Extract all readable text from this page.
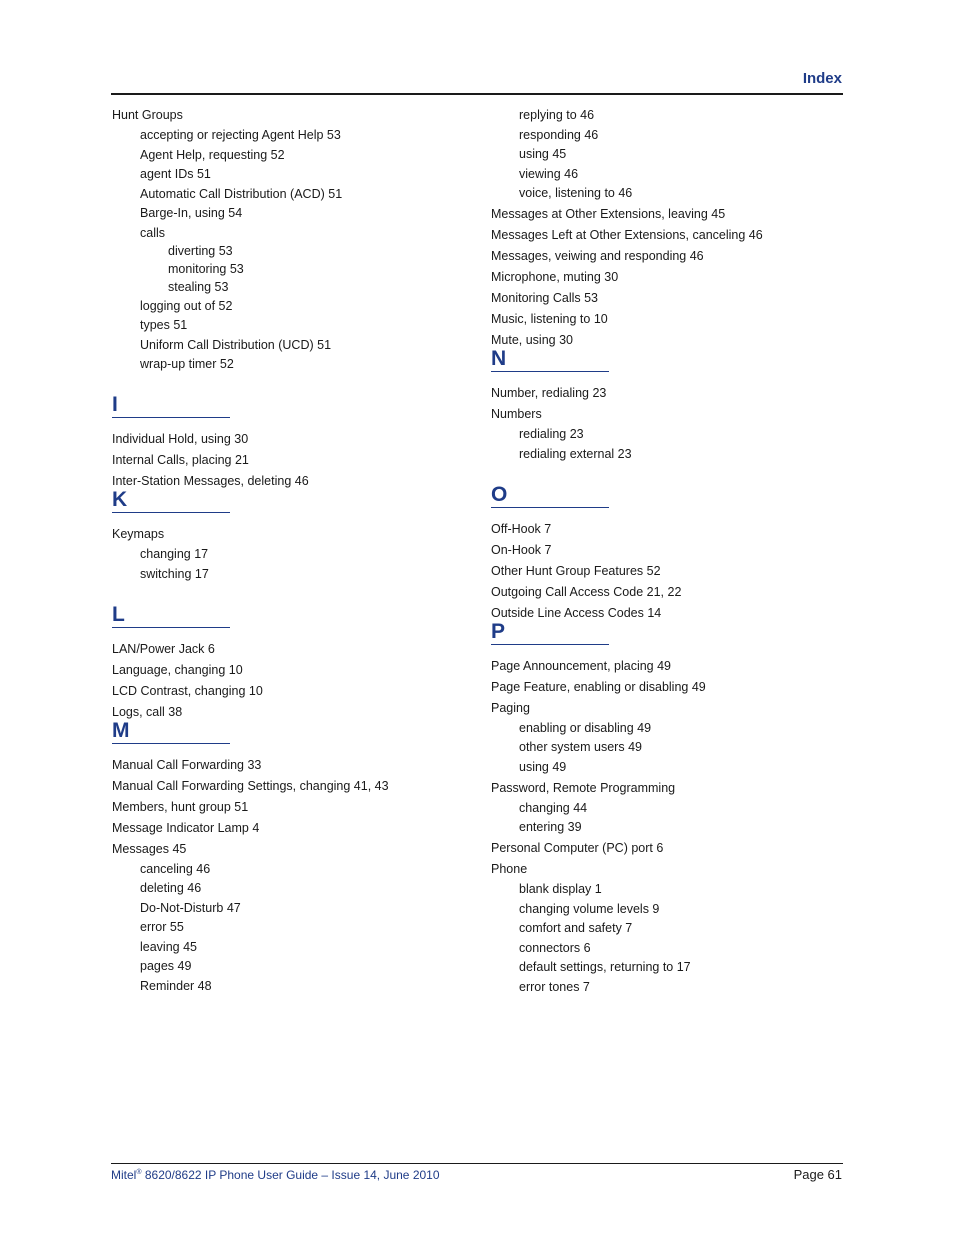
Index
Hunt Groups
accepting or rejecting Agent Help 53
Agent Help, requesting 52
agent IDs 51
Automatic Call Distribution (ACD) 51
Barge-In, using 54
calls
diverting 53
monitoring 53
stealing 53
logging out of 52
types 51
Uniform Call Distribution (UCD) 51
wrap-up timer 52
I
Individual Hold, using 30
Internal Calls, placing 21
Inter-Station Messages, deleting 46
K
Keymaps
changing 17
switching 17
L
LAN/Power Jack 6
Language, changing 10
LCD Contrast, changing 10
Logs, call 38
M
Manual Call Forwarding 33
Manual Call Forwarding Settings, changing 41, 43
Members, hunt group 51
Message Indicator Lamp 4
Messages 45
canceling 46
deleting 46
Do-Not-Disturb 47
error 55
leaving 45
pages 49
Reminder 48
replying to 46
responding 46
using 45
viewing 46
voice, listening to 46
Messages at Other Extensions, leaving 45
Messages Left at Other Extensions, canceling 46
Messages, veiwing and responding 46
Microphone, muting 30
Monitoring Calls 53
Music, listening to 10
Mute, using 30
N
Number, redialing 23
Numbers
redialing 23
redialing external 23
O
Off-Hook 7
On-Hook 7
Other Hunt Group Features 52
Outgoing Call Access Code 21, 22
Outside Line Access Codes 14
P
Page Announcement, placing 49
Page Feature, enabling or disabling 49
Paging
enabling or disabling 49
other system users 49
using 49
Password, Remote Programming
changing 44
entering 39
Personal Computer (PC) port 6
Phone
blank display 1
changing volume levels 9
comfort and safety 7
connectors 6
default settings, returning to 17
error tones 7
Mitel® 8620/8622 IP Phone User Guide – Issue 14, June 2010	Page 61
